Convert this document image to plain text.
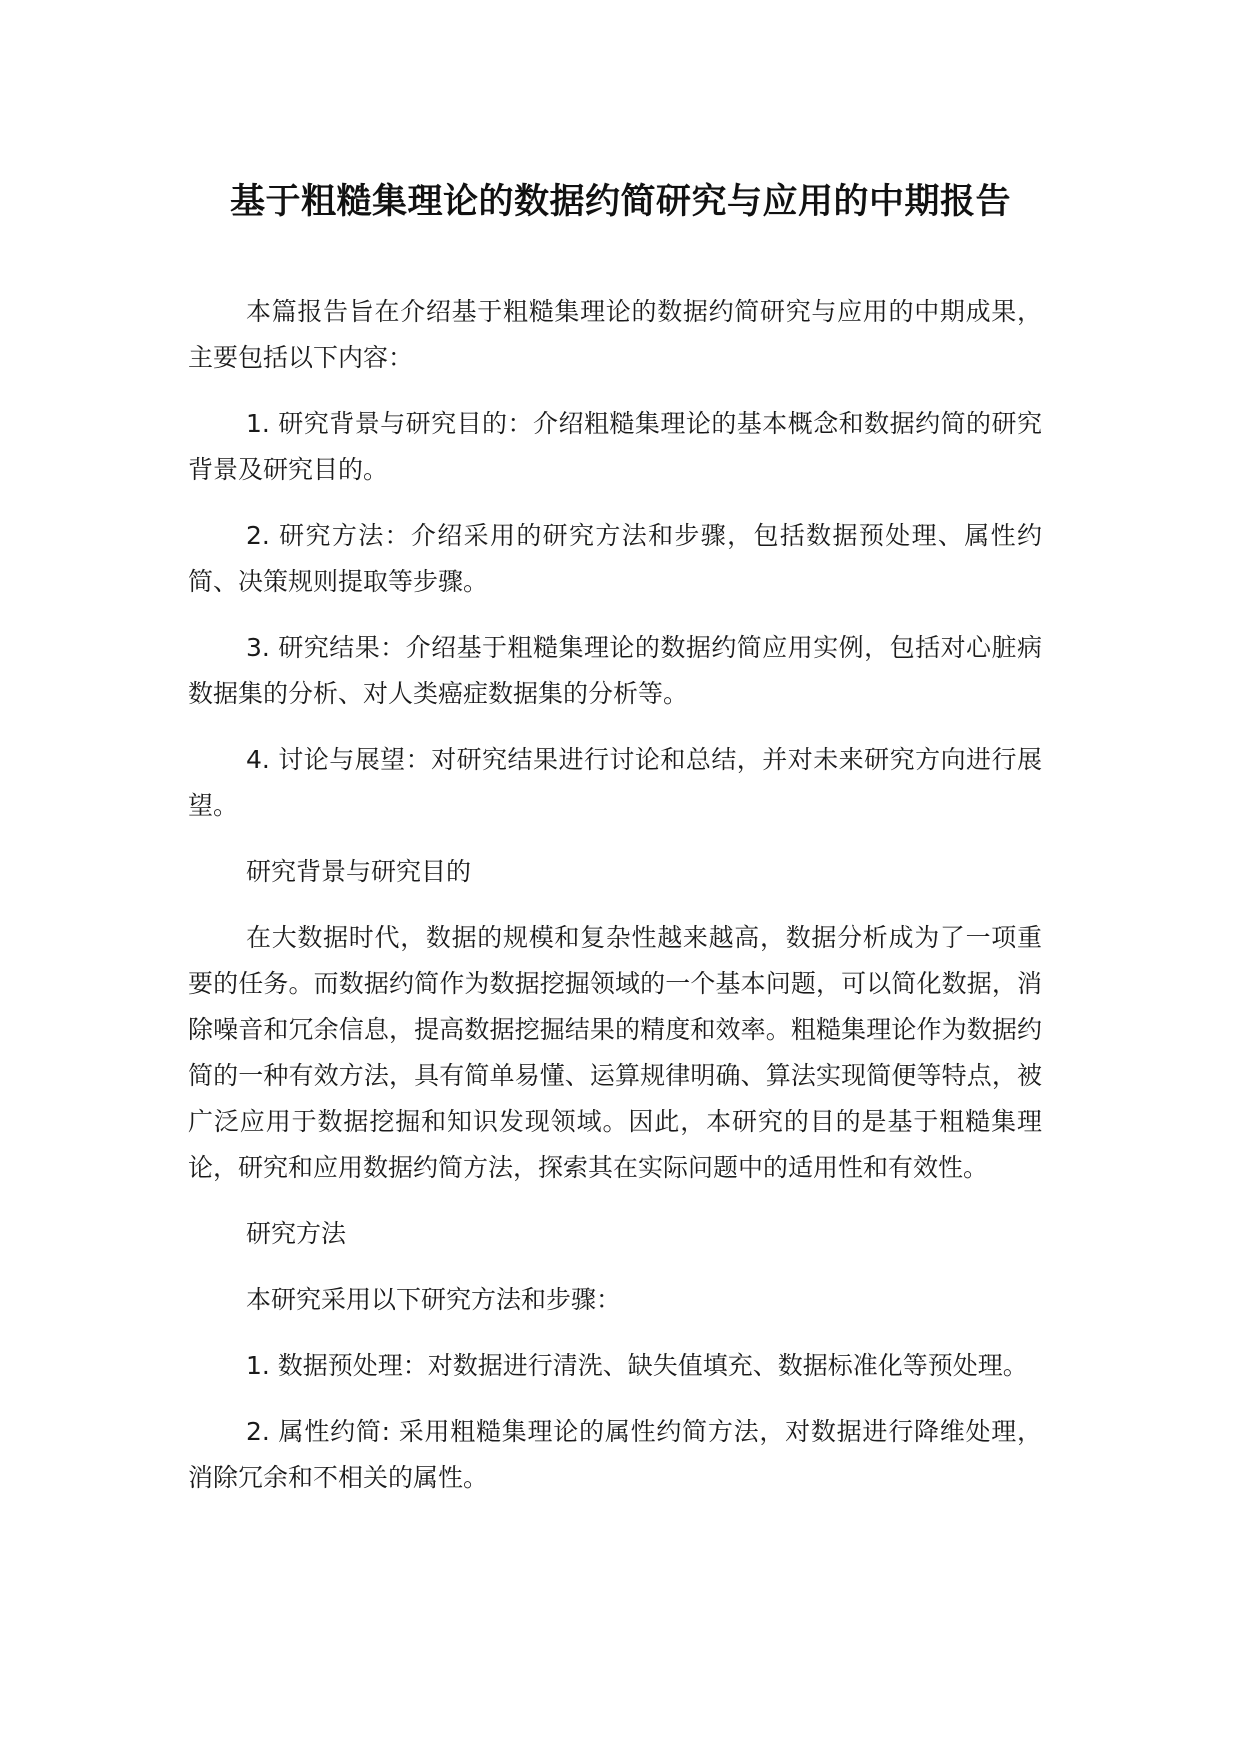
基于粗糙集理论的数据约简研究与应用的中期报告

本篇报告旨在介绍基于粗糙集理论的数据约简研究与应用的中期成果，主要包括以下内容：

1. 研究背景与研究目的：介绍粗糙集理论的基本概念和数据约简的研究背景及研究目的。

2. 研究方法：介绍采用的研究方法和步骤，包括数据预处理、属性约简、决策规则提取等步骤。

3. 研究结果：介绍基于粗糙集理论的数据约简应用实例，包括对心脏病数据集的分析、对人类癌症数据集的分析等。

4. 讨论与展望：对研究结果进行讨论和总结，并对未来研究方向进行展望。

研究背景与研究目的

在大数据时代，数据的规模和复杂性越来越高，数据分析成为了一项重要的任务。而数据约简作为数据挖掘领域的一个基本问题，可以简化数据，消除噪音和冗余信息，提高数据挖掘结果的精度和效率。粗糙集理论作为数据约简的一种有效方法，具有简单易懂、运算规律明确、算法实现简便等特点，被广泛应用于数据挖掘和知识发现领域。因此，本研究的目的是基于粗糙集理论，研究和应用数据约简方法，探索其在实际问题中的适用性和有效性。

研究方法

本研究采用以下研究方法和步骤：

1. 数据预处理：对数据进行清洗、缺失值填充、数据标准化等预处理。

2. 属性约简: 采用粗糙集理论的属性约简方法，对数据进行降维处理，消除冗余和不相关的属性。
